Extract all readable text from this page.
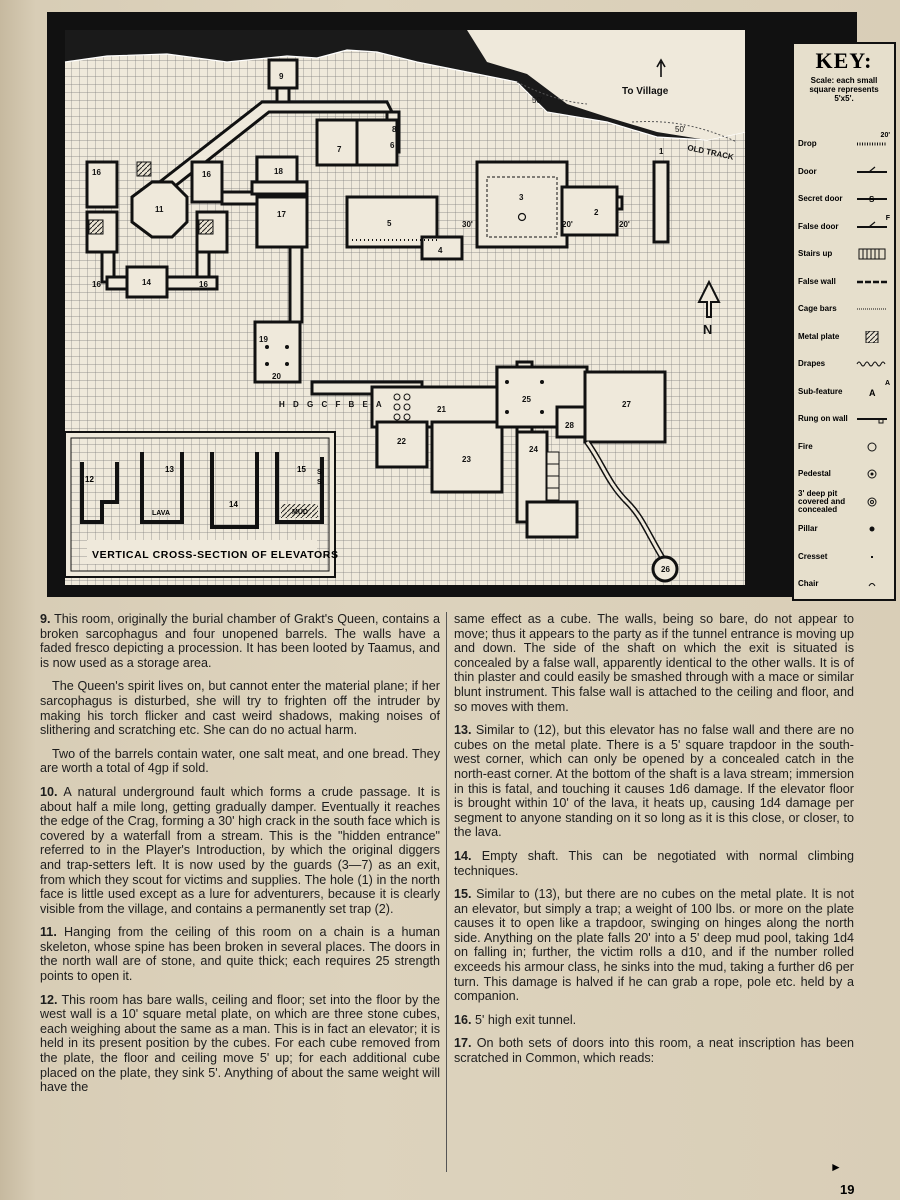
50'
50'
To Village
OLD TRACK
N
1
2
3
4
5
6
7
8
9
11
14
16
16
16
16
17
18
19
20
21
22
23
24
25
26
27
28
30'	20'	20'
H D G C F B E A
12
13
14
15
LAVA	MUD
S
S
VERTICAL CROSS-SECTION OF ELEVATORS
KEY:
Scale: each small square represents 5'x5'.
Drop
20'
Door
Secret door	S
False door
F
Stairs up
False wall
Cage bars
Metal plate
Drapes
Sub-feature	A
A
Rung on wall
Fire
Pedestal
3' deep pit covered and concealed
Pillar
Cresset
Chair

9. This room, originally the burial chamber of Grakt's Queen, contains a broken sarcophagus and four unopened barrels. The walls have a faded fresco depicting a procession. It has been looted by Taamus, and is now used as a storage area.

The Queen's spirit lives on, but cannot enter the material plane; if her sarcophagus is disturbed, she will try to frighten off the intruder by making his torch flicker and cast weird shadows, making noises of slithering and scratching etc. She can do no actual harm.

Two of the barrels contain water, one salt meat, and one bread. They are worth a total of 4gp if sold.

10. A natural underground fault which forms a crude passage. It is about half a mile long, getting gradually damper. Eventually it reaches the edge of the Crag, forming a 30' high crack in the south face which is covered by a waterfall from a stream. This is the "hidden entrance" referred to in the Player's Introduction, by which the original diggers and trap-setters left. It is now used by the guards (3—7) as an exit, from which they scout for victims and supplies. The hole (1) in the north face is little used except as a lure for adventurers, because it is clearly visible from the village, and contains a permanently set trap (2).

11. Hanging from the ceiling of this room on a chain is a human skeleton, whose spine has been broken in several places. The doors in the north wall are of stone, and quite thick; each requires 25 strength points to open it.

12. This room has bare walls, ceiling and floor; set into the floor by the west wall is a 10' square metal plate, on which are three stone cubes, each weighing about the same as a man. This is in fact an elevator; it is held in its present position by the cubes. For each cube removed from the plate, the floor and ceiling move 5' up; for each additional cube placed on the plate, they sink 5'. Anything of about the same weight will have the

same effect as a cube. The walls, being so bare, do not appear to move; thus it appears to the party as if the tunnel entrance is moving up and down. The side of the shaft on which the exit is situated is concealed by a false wall, apparently identical to the other walls. It is of thin plaster and could easily be smashed through with a mace or similar blunt instrument. This false wall is attached to the ceiling and floor, and so moves with them.

13. Similar to (12), but this elevator has no false wall and there are no cubes on the metal plate. There is a 5' square trapdoor in the south-west corner, which can only be opened by a concealed catch in the north-east corner. At the bottom of the shaft is a lava stream; immersion in this is fatal, and touching it causes 1d6 damage. If the elevator floor is brought within 10' of the lava, it heats up, causing 1d4 damage per segment to anyone standing on it so long as it is this close, or closer, to the lava.

14. Empty shaft. This can be negotiated with normal climbing techniques.

15. Similar to (13), but there are no cubes on the metal plate. It is not an elevator, but simply a trap; a weight of 100 lbs. or more on the plate causes it to open like a trapdoor, swinging on hinges along the north side. Anything on the plate falls 20' into a 5' deep mud pool, taking 1d4 on falling in; further, the victim rolls a d10, and if the number rolled exceeds his armour class, he sinks into the mud, taking a further d6 per turn. This damage is halved if he can grab a rope, pole etc. held by a companion.

16. 5' high exit tunnel.

17. On both sets of doors into this room, a neat inscription has been scratched in Common, which reads:

►
19
